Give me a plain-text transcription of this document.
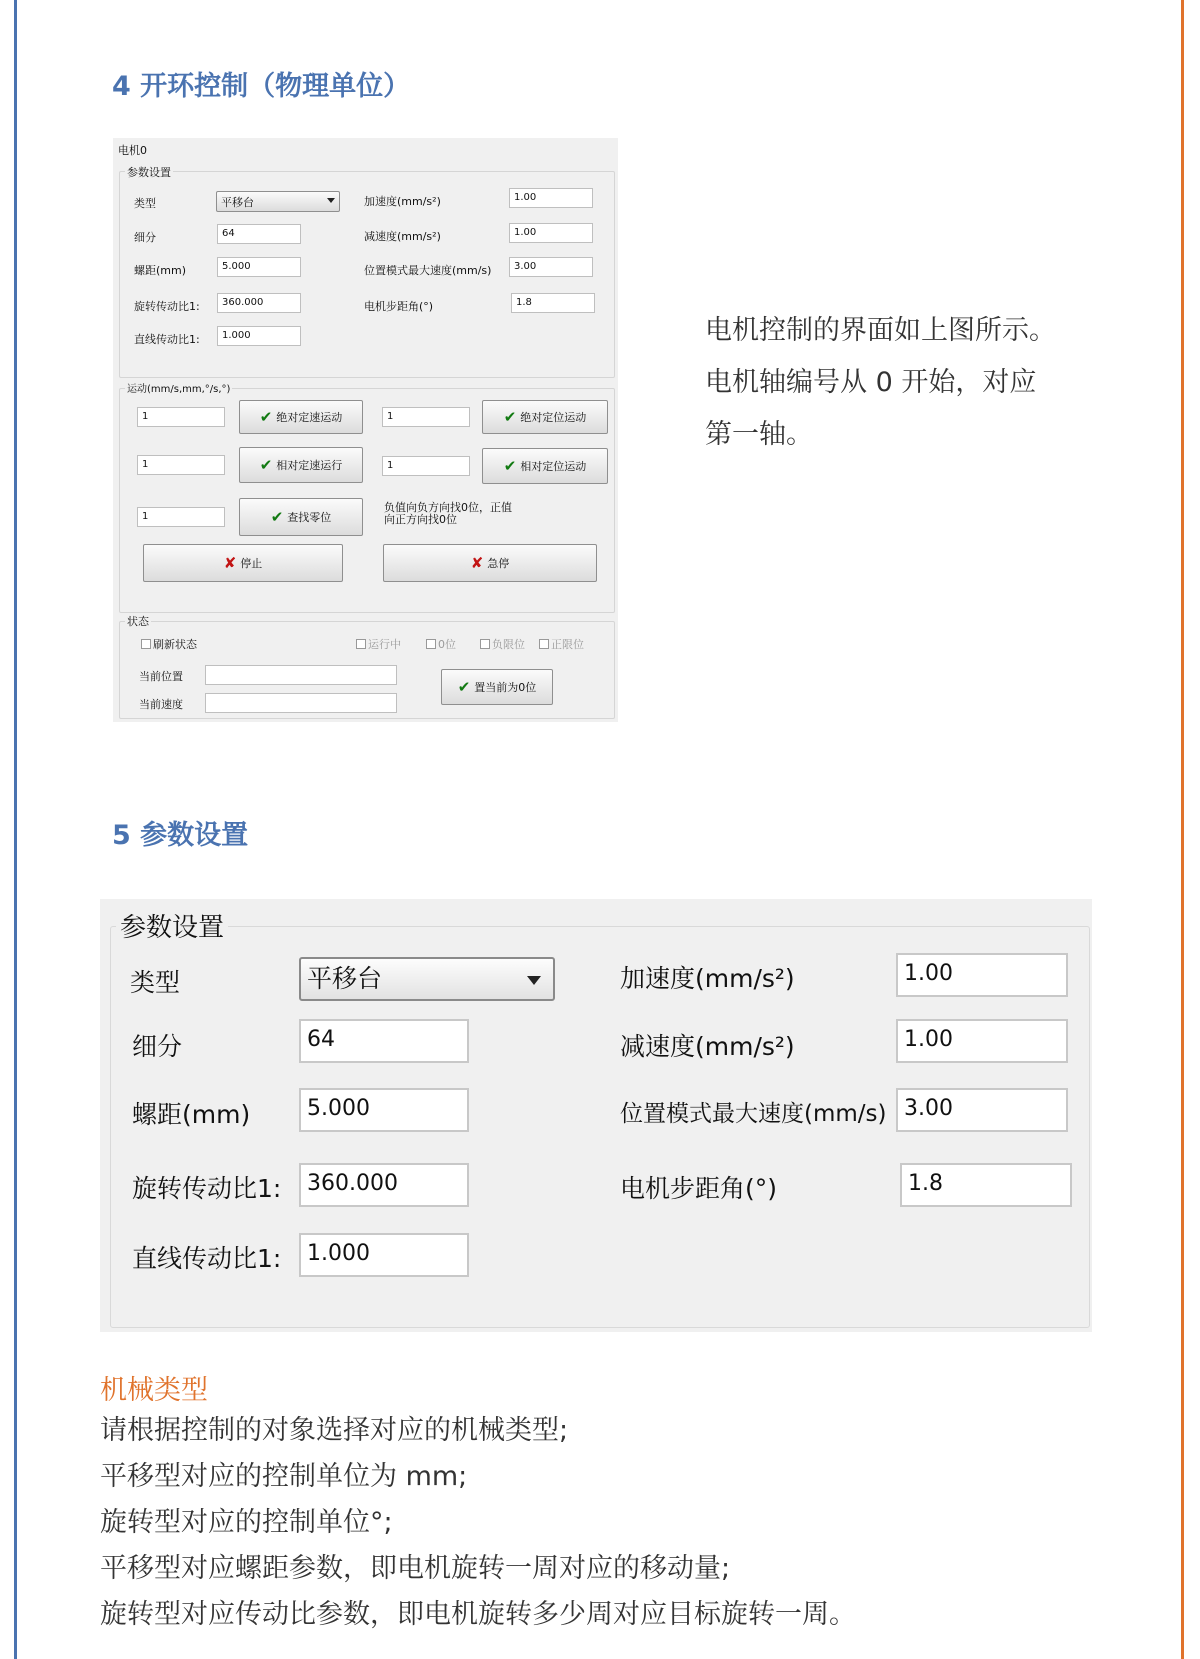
4 开环控制（物理单位）
电机0
参数设置
类型	平移台
细分	64
螺距(mm)	5.000
旋转传动比1:	360.000
直线传动比1:	1.000
加速度(mm/s²)	1.00
减速度(mm/s²)	1.00
位置模式最大速度(mm/s)	3.00
电机步距角(°)	1.8
运动(mm/s,mm,°/s,°)
1	✔ 绝对定速运动	1	✔ 绝对定位运动
1	✔ 相对定速运行	1	✔ 相对定位运动
1	✔ 查找零位
负值向负方向找0位，正值
向正方向找0位
✘ 停止	✘ 急停
状态
刷新状态	运行中	0位	负限位	正限位
当前位置
当前速度
✔ 置当前为0位

电机控制的界面如上图所示。

电机轴编号从 0 开始，对应

第一轴。

5 参数设置
参数设置
类型	平移台
细分	64
螺距(mm)	5.000
旋转传动比1:	360.000
直线传动比1:	1.000
加速度(mm/s²)	1.00
减速度(mm/s²)	1.00
位置模式最大速度(mm/s) 3.00
电机步距角(°)	1.8
机械类型

请根据控制的对象选择对应的机械类型;

平移型对应的控制单位为 mm;

旋转型对应的控制单位°;

平移型对应螺距参数，即电机旋转一周对应的移动量;

旋转型对应传动比参数，即电机旋转多少周对应目标旋转一周。
